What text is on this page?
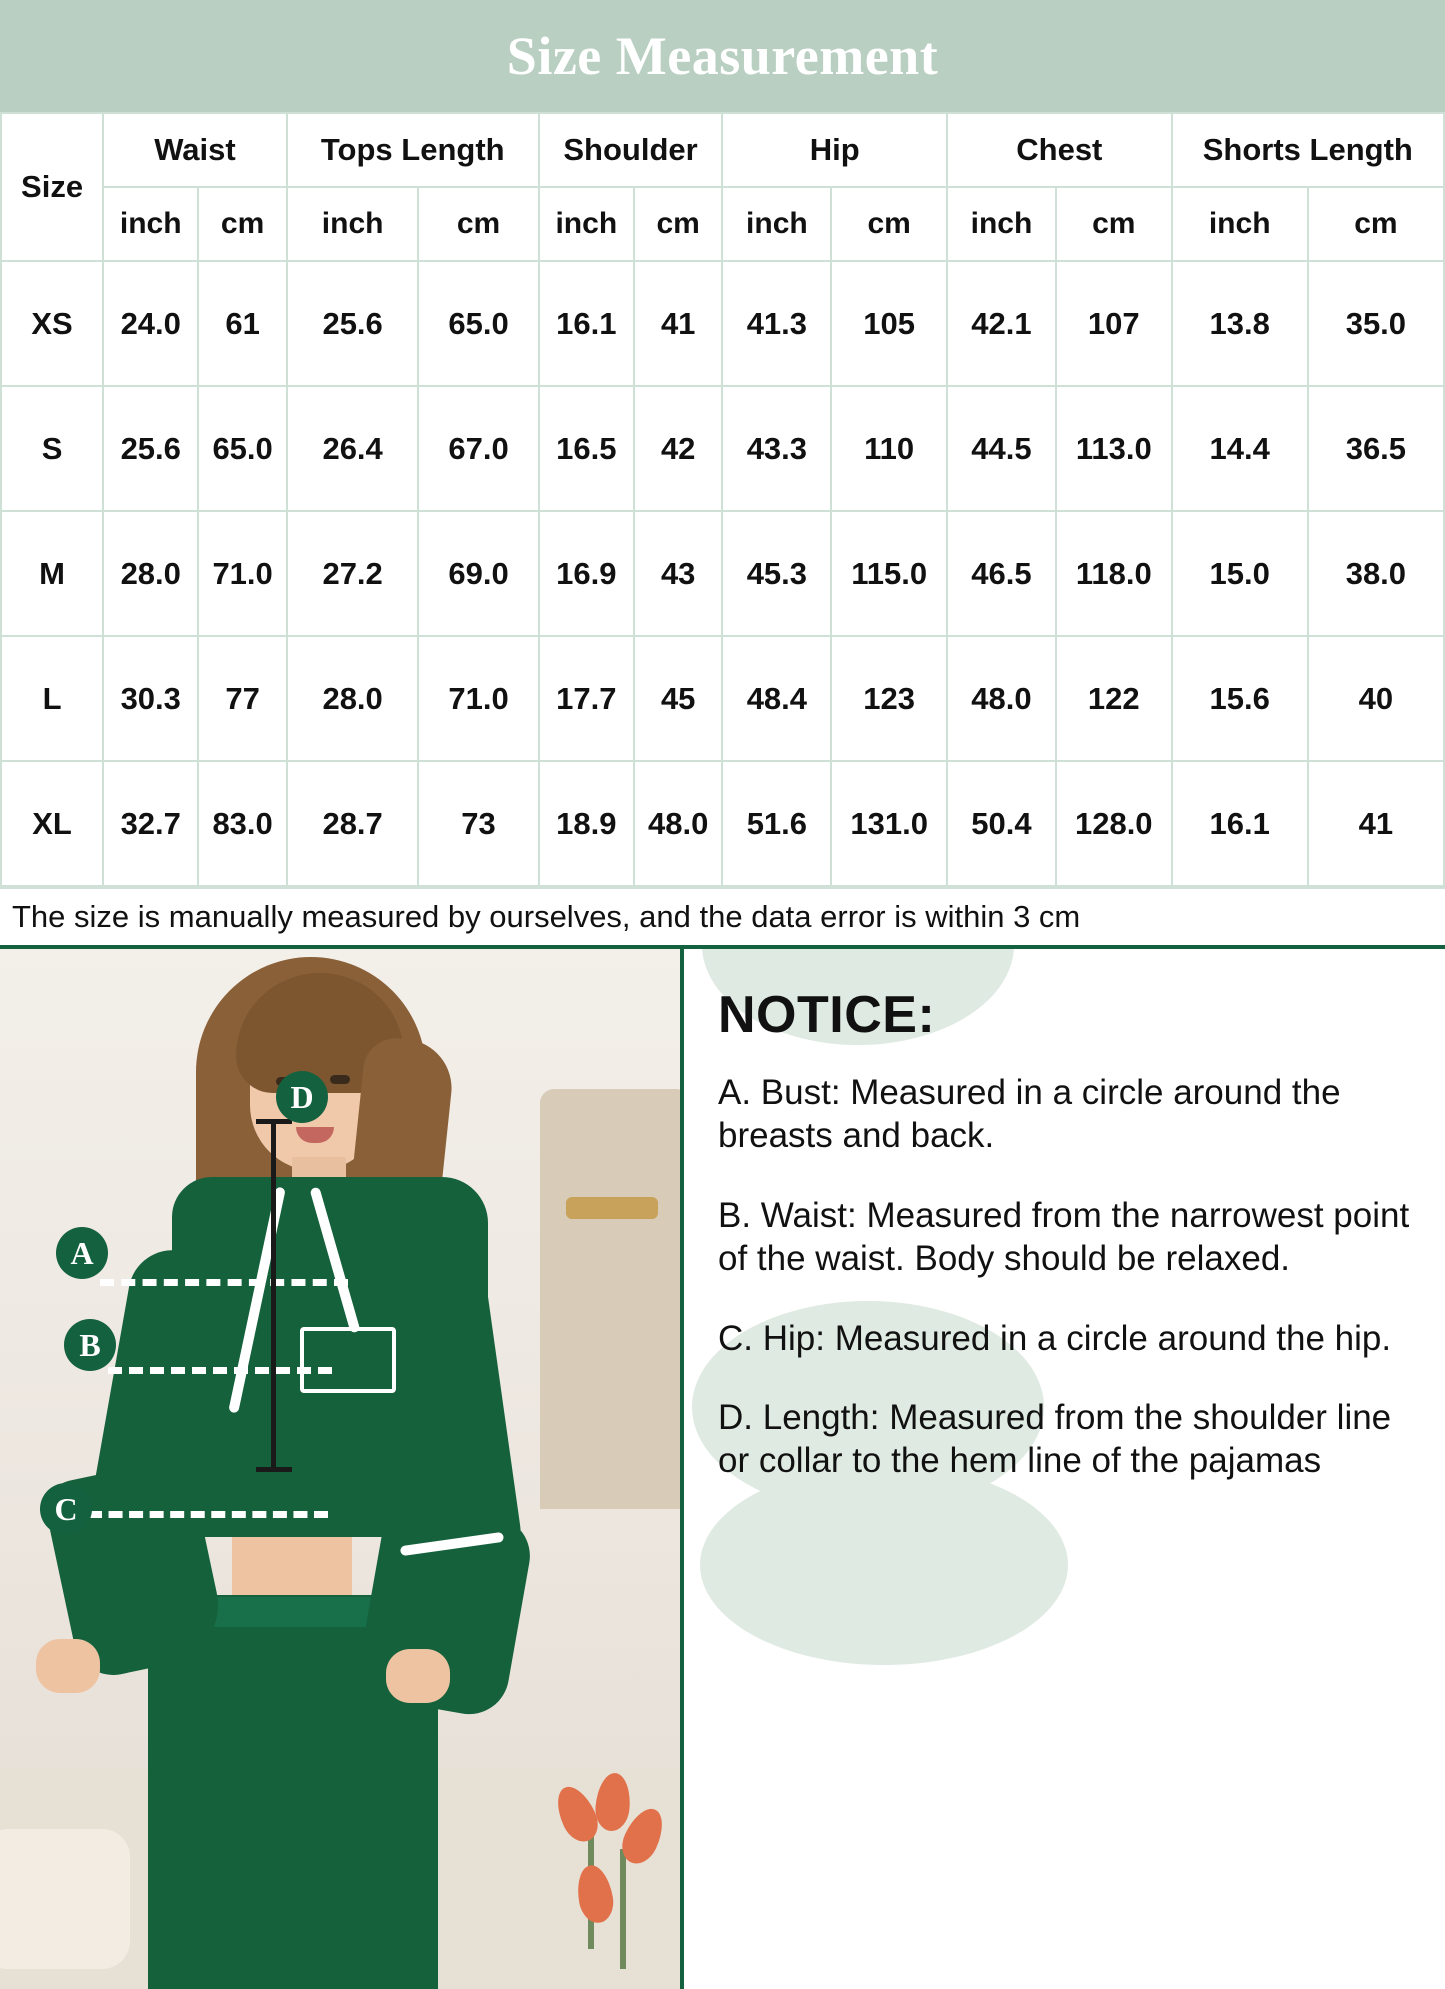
Size Measurement
Size	Waist		Tops Length		Shoulder		Hip		Chest		Shorts Length	
	inch	cm	inch	cm	inch	cm	inch	cm	inch	cm	inch	cm
XS	24.0	61	25.6	65.0	16.1	41	41.3	105	42.1	107	13.8	35.0
S	25.6	65.0	26.4	67.0	16.5	42	43.3	110	44.5	113.0	14.4	36.5
M	28.0	71.0	27.2	69.0	16.9	43	45.3	115.0	46.5	118.0	15.0	38.0
L	30.3	77	28.0	71.0	17.7	45	48.4	123	48.0	122	15.6	40
XL	32.7	83.0	28.7	73	18.9	48.0	51.6	131.0	50.4	128.0	16.1	41
The size is manually measured by ourselves, and the data error is within 3 cm
A
B
C
D
NOTICE:
A. Bust: Measured in a circle around the breasts and back.
B. Waist: Measured from the narrowest point of the waist. Body should be relaxed.
C. Hip: Measured in a circle around the hip.
D. Length: Measured from the shoulder line or collar to the hem line of the pajamas
